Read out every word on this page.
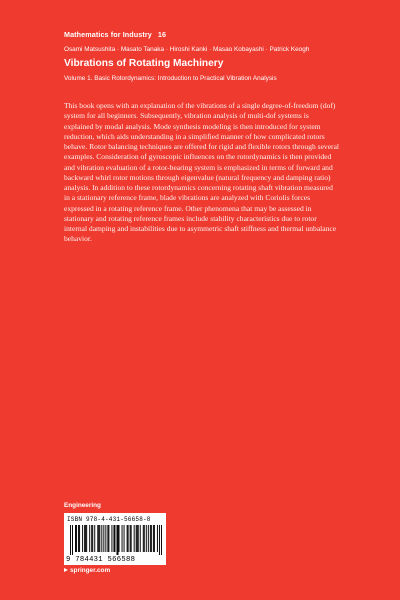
Mathematics for Industry 16
Osami Matsushita · Masato Tanaka · Hiroshi Kanki · Masao Kobayashi · Patrick Keogh
Vibrations of Rotating Machinery
Volume 1. Basic Rotordynamics: Introduction to Practical Vibration Analysis
This book opens with an explanation of the vibrations of a single degree-of-freedom (dof) system for all beginners. Subsequently, vibration analysis of multi-dof systems is explained by modal analysis. Mode synthesis modeling is then introduced for system reduction, which aids understanding in a simplified manner of how complicated rotors behave. Rotor balancing techniques are offered for rigid and flexible rotors through several examples. Consideration of gyroscopic influences on the rotordynamics is then provided and vibration evaluation of a rotor-bearing system is emphasized in terms of forward and backward whirl rotor motions through eigenvalue (natural frequency and damping ratio) analysis. In addition to these rotordynamics concerning rotating shaft vibration measured in a stationary reference frame, blade vibrations are analyzed with Coriolis forces expressed in a rotating reference frame. Other phenomena that may be assessed in stationary and rotating reference frames include stability characteristics due to rotor internal damping and instabilities due to asymmetric shaft stiffness and thermal unbalance behavior.
Engineering
ISBN 978-4-431-56658-8
9 784431 566588
springer.com
